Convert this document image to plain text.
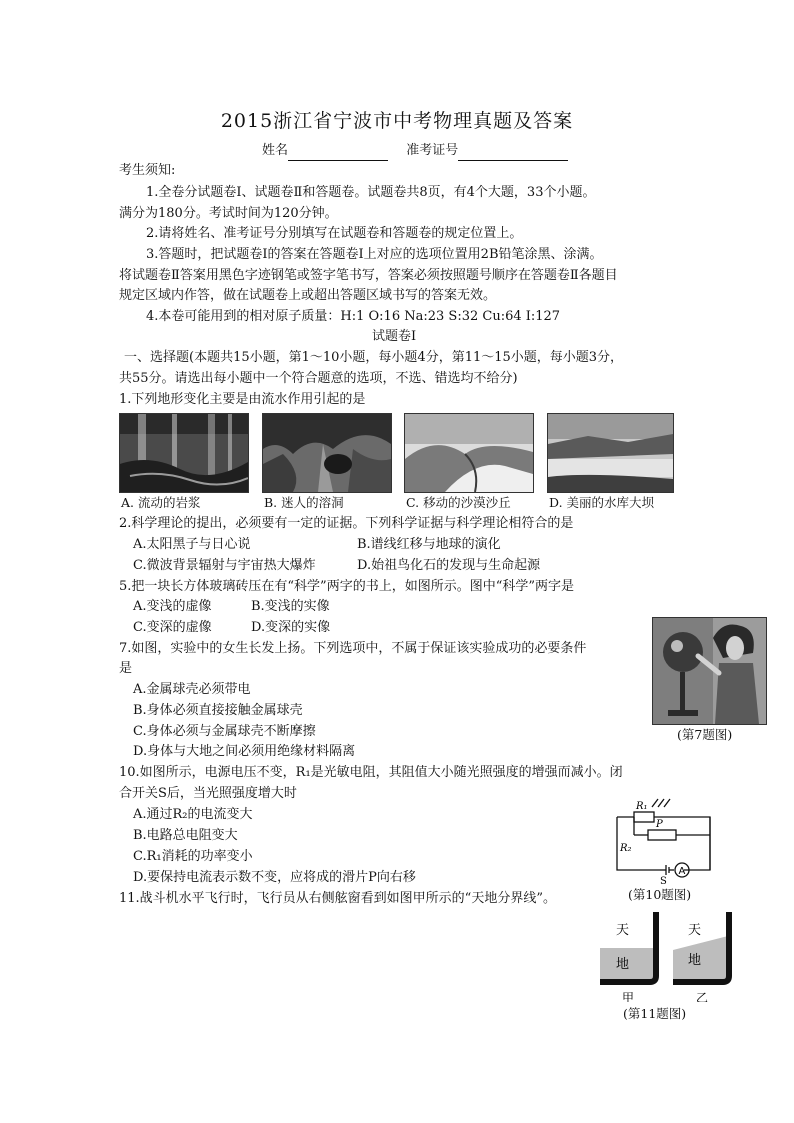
2015浙江省宁波市中考物理真题及答案
姓名	准考证号
考生须知:
1.全卷分试题卷Ⅰ、试题卷Ⅱ和答题卷。试题卷共8页，有4个大题，33个小题。
满分为180分。考试时间为120分钟。
2.请将姓名、准考证号分别填写在试题卷和答题卷的规定位置上。
3.答题时，把试题卷Ⅰ的答案在答题卷Ⅰ上对应的选项位置用2B铅笔涂黑、涂满。
将试题卷Ⅱ答案用黑色字迹钢笔或签字笔书写，答案必须按照题号顺序在答题卷Ⅱ各题目
规定区域内作答，做在试题卷上或超出答题区域书写的答案无效。
4.本卷可能用到的相对原子质量：H:1 O:16 Na:23 S:32 Cu:64 I:127
试题卷Ⅰ
一、选择题(本题共15小题，第1～10小题，每小题4分，第11～15小题，每小题3分，
共55分。请选出每小题中一个符合题意的选项，不选、错选均不给分)
1.下列地形变化主要是由流水作用引起的是
A. 流动的岩浆	B. 迷人的溶洞	C. 移动的沙漠沙丘	D. 美丽的水库大坝
2.科学理论的提出，必须要有一定的证据。下列科学证据与科学理论相符合的是
A.太阳黑子与日心说	B.谱线红移与地球的演化
C.微波背景辐射与宇宙热大爆炸	D.始祖鸟化石的发现与生命起源
5.把一块长方体玻璃砖压在有“科学”两字的书上，如图所示。图中“科学”两字是
A.变浅的虚像	B.变浅的实像
C.变深的虚像	D.变深的实像
7.如图，实验中的女生长发上扬。下列选项中，不属于保证该实验成功的必要条件
是
A.金属球壳必须带电
B.身体必须直接接触金属球壳
C.身体必须与金属球壳不断摩擦
D.身体与大地之间必须用绝缘材料隔离
(第7题图)
10.如图所示，电源电压不变，R₁是光敏电阻，其阻值大小随光照强度的增强而减小。闭
合开关S后，当光照强度增大时
A.通过R₂的电流变大
B.电路总电阻变大
C.R₁消耗的功率变小
D.要保持电流表示数不变，应将成的滑片P向右移
R₁
P
R₂
S
A
(第10题图)
11.战斗机水平飞行时，飞行员从右侧舷窗看到如图甲所示的“天地分界线”。
天
地
天
地
甲	乙
(第11题图)
